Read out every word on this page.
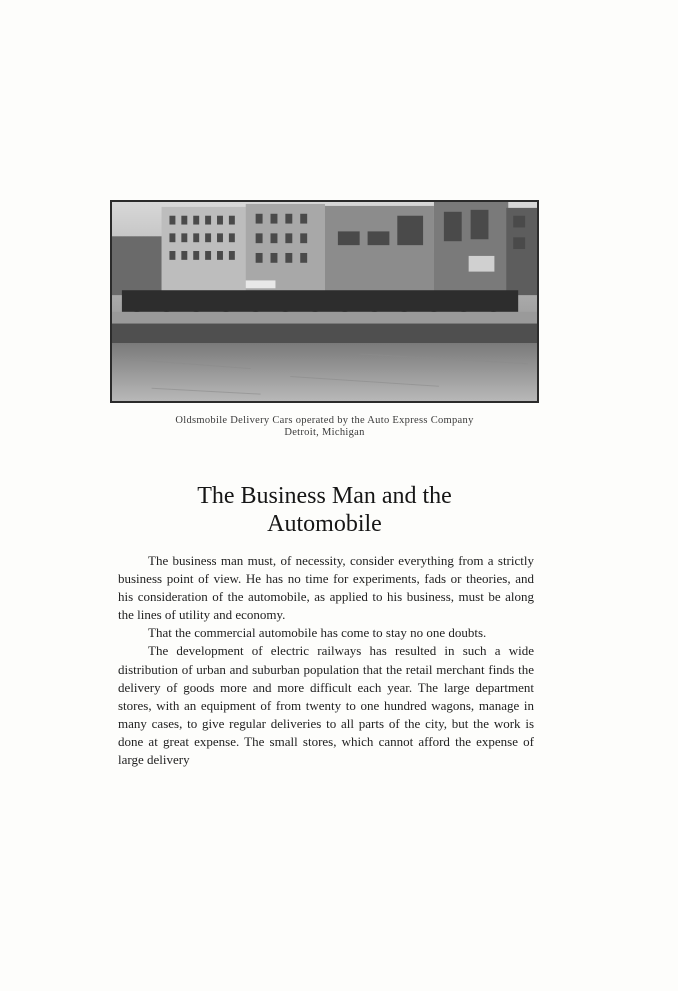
Oldsmobile Delivery Cars operated by the Auto Express Company
Detroit, Michigan
The Business Man and the
Automobile

The business man must, of necessity, consider everything from a strictly business point of view. He has no time for experiments, fads or theories, and his consideration of the automobile, as applied to his business, must be along the lines of utility and economy.

That the commercial automobile has come to stay no one doubts.

The development of electric railways has resulted in such a wide distribution of urban and suburban population that the retail merchant finds the delivery of goods more and more difficult each year. The large department stores, with an equipment of from twenty to one hundred wagons, manage in many cases, to give regular deliveries to all parts of the city, but the work is done at great expense. The small stores, which cannot afford the expense of large delivery
